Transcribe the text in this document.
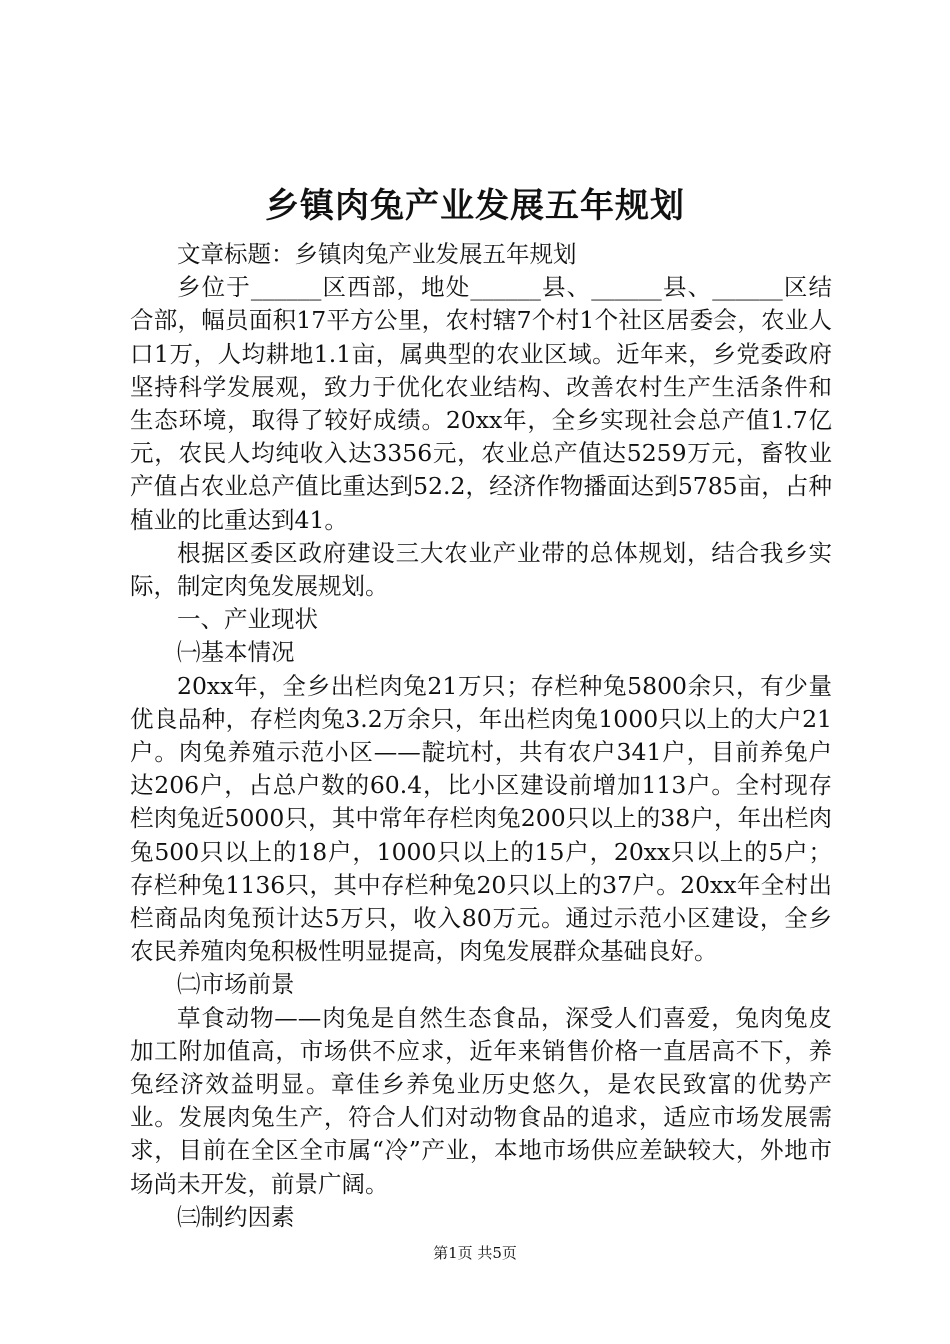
乡镇肉兔产业发展五年规划

文章标题：乡镇肉兔产业发展五年规划

乡位于______区西部，地处______县、______县、______区结合部，幅员面积17平方公里，农村辖7个村1个社区居委会，农业人口1万，人均耕地1.1亩，属典型的农业区域。近年来，乡党委政府坚持科学发展观，致力于优化农业结构、改善农村生产生活条件和生态环境，取得了较好成绩。20xx年，全乡实现社会总产值1.7亿元，农民人均纯收入达3356元，农业总产值达5259万元，畜牧业产值占农业总产值比重达到52.2，经济作物播面达到5785亩，占种植业的比重达到41。

根据区委区政府建设三大农业产业带的总体规划，结合我乡实际，制定肉兔发展规划。

一、产业现状

㈠基本情况

20xx年，全乡出栏肉兔21万只；存栏种兔5800余只，有少量优良品种，存栏肉兔3.2万余只，年出栏肉兔1000只以上的大户21户。肉兔养殖示范小区——靛坑村，共有农户341户，目前养兔户达206户，占总户数的60.4，比小区建设前增加113户。全村现存栏肉兔近5000只，其中常年存栏肉兔200只以上的38户，年出栏肉兔500只以上的18户，1000只以上的15户，20xx只以上的5户；存栏种兔1136只，其中存栏种兔20只以上的37户。20xx年全村出栏商品肉兔预计达5万只，收入80万元。通过示范小区建设，全乡农民养殖肉兔积极性明显提高，肉兔发展群众基础良好。

㈡市场前景

草食动物——肉兔是自然生态食品，深受人们喜爱，兔肉兔皮加工附加值高，市场供不应求，近年来销售价格一直居高不下，养兔经济效益明显。章佳乡养兔业历史悠久，是农民致富的优势产业。发展肉兔生产，符合人们对动物食品的追求，适应市场发展需求，目前在全区全市属“冷”产业，本地市场供应差缺较大，外地市场尚未开发，前景广阔。

㈢制约因素

第1页 共5页
